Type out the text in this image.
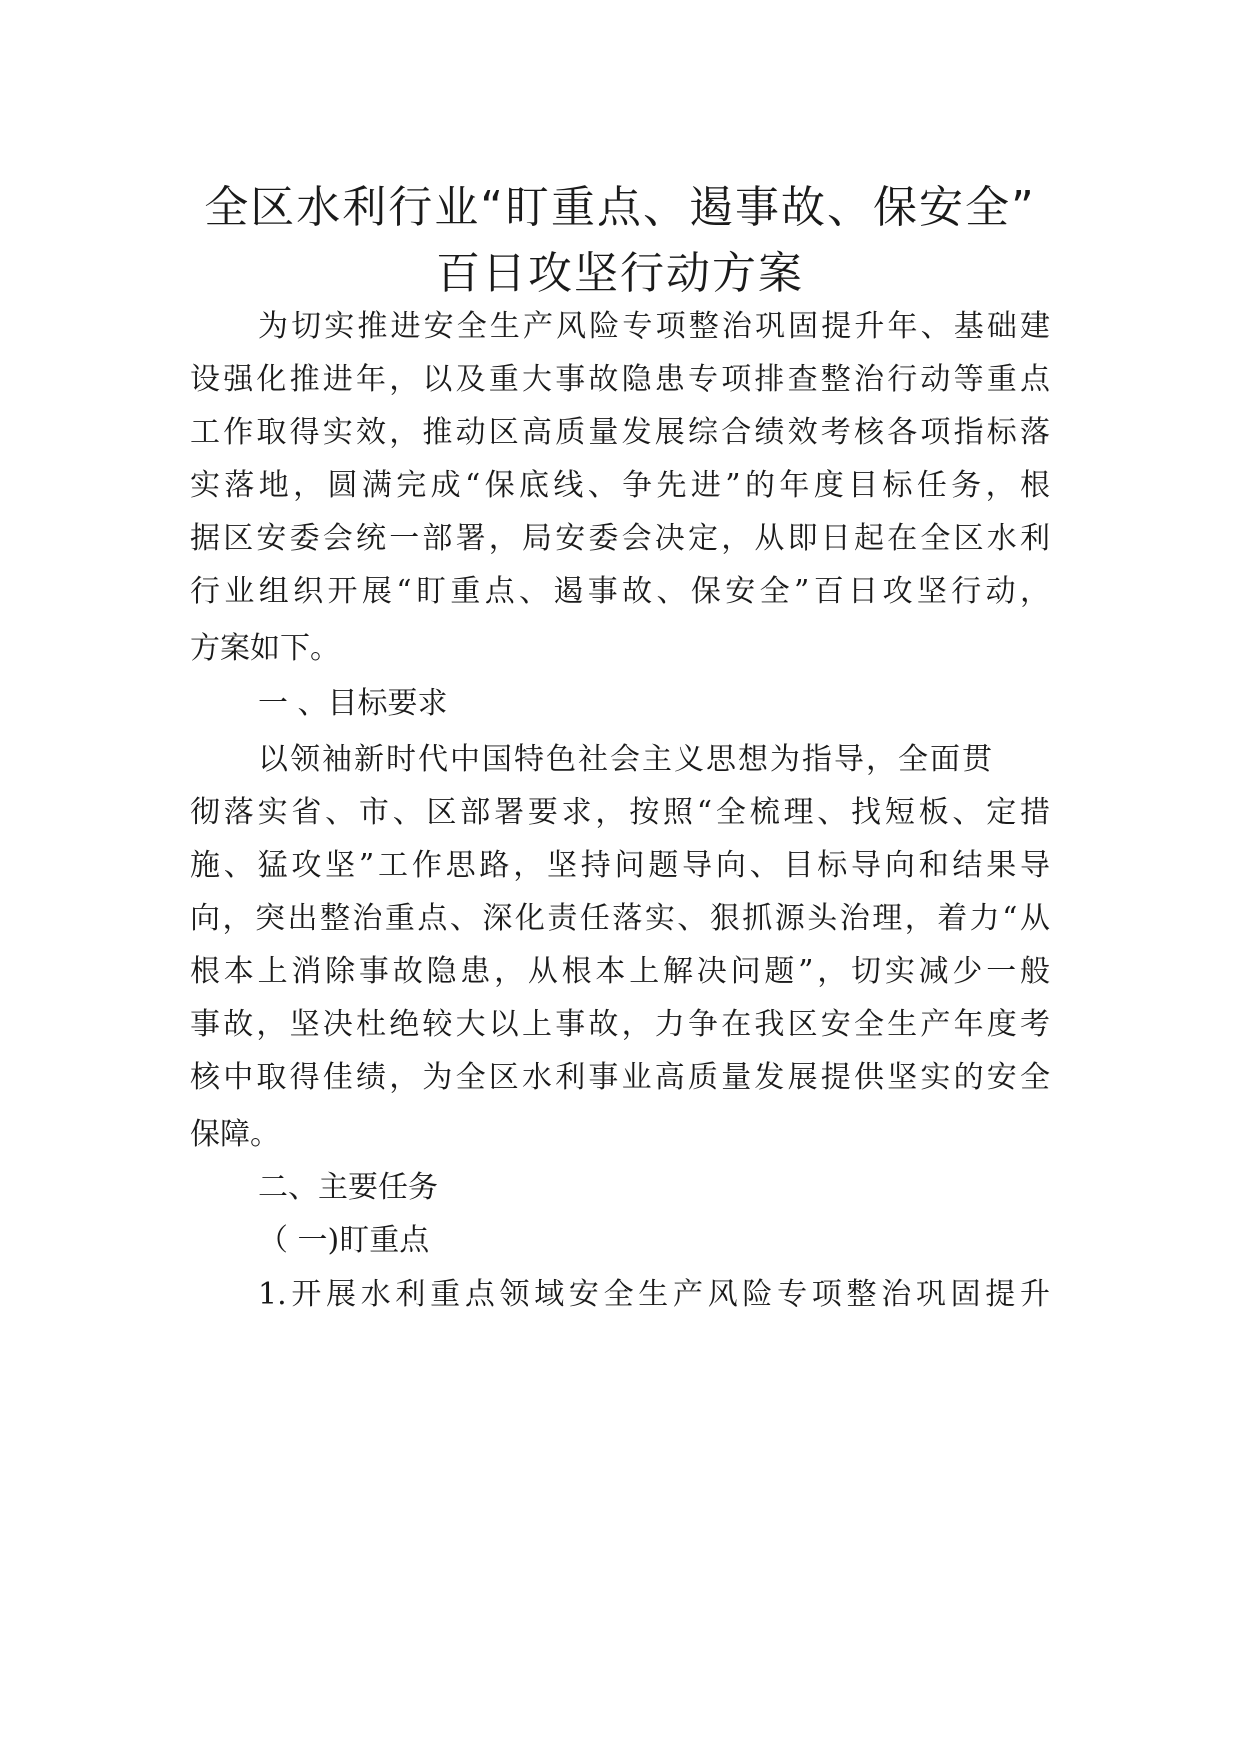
全区水利行业“盯重点、遏事故、保安全”
百日攻坚行动方案

为切实推进安全生产风险专项整治巩固提升年、基础建

设强化推进年，以及重大事故隐患专项排查整治行动等重点

工作取得实效，推动区高质量发展综合绩效考核各项指标落

实落地，圆满完成“保底线、争先进”的年度目标任务，根

据区安委会统一部署，局安委会决定，从即日起在全区水利

行业组织开展“盯重点、遏事故、保安全”百日攻坚行动，

方案如下。

一 、目标要求

以领袖新时代中国特色社会主义思想为指导，全面贯

彻落实省、市、区部署要求，按照“全梳理、找短板、定措

施、猛攻坚”工作思路，坚持问题导向、目标导向和结果导

向，突出整治重点、深化责任落实、狠抓源头治理，着力“从

根本上消除事故隐患，从根本上解决问题”，切实减少一般

事故，坚决杜绝较大以上事故，力争在我区安全生产年度考

核中取得佳绩，为全区水利事业高质量发展提供坚实的安全

保障。

二、主要任务

（ 一)盯重点

1.开展水利重点领域安全生产风险专项整治巩固提升
